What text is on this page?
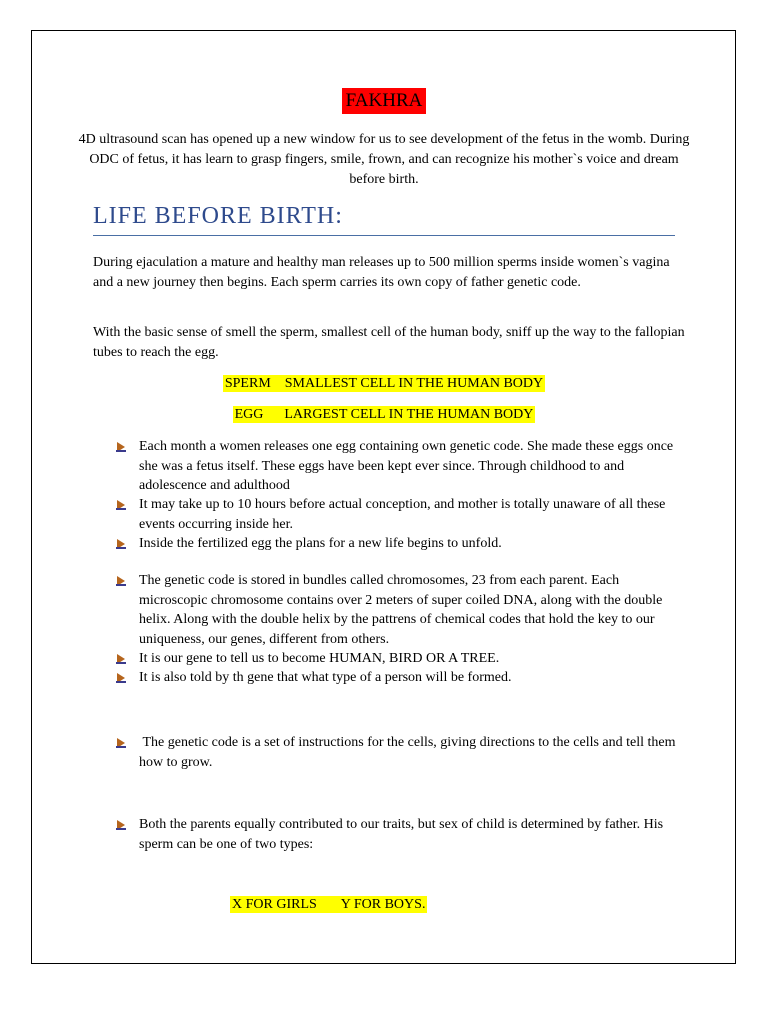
FAKHRA
4D ultrasound scan has opened up a new window for us to see development of the fetus in the womb. During ODC of fetus, it has learn to grasp fingers, smile, frown, and can recognize his mother`s voice and dream before birth.
LIFE BEFORE BIRTH:
During ejaculation a mature and healthy man releases up to 500 million sperms inside women`s vagina and a new journey then begins. Each sperm carries its own copy of father genetic code.
With the basic sense of smell the sperm, smallest cell of the human body, sniff up the way to the fallopian tubes to reach the egg.
SPERM    SMALLEST CELL IN THE HUMAN BODY
EGG      LARGEST CELL IN THE HUMAN BODY
Each month a women releases one egg containing own genetic code. She made these eggs once she was a fetus itself. These eggs have been kept ever since. Through childhood to and adolescence and adulthood
It may take up to 10 hours before actual conception, and mother is totally unaware of all these events occurring inside her.
Inside the fertilized egg the plans for a new life begins to unfold.
The genetic code is stored in bundles called chromosomes, 23 from each parent. Each microscopic chromosome contains over 2 meters of super coiled DNA, along with the double helix. Along with the double helix by the pattrens of chemical codes that hold the key to our uniqueness, our genes, different from others.
It is our gene to tell us to become HUMAN, BIRD OR A TREE.
It is also told by th gene that what type of a person will be formed.
The genetic code is a set of instructions for the cells, giving directions to the cells and tell them how to grow.
Both the parents equally contributed to our traits, but sex of child is determined by father. His sperm can be one of two types:
X FOR GIRLS       Y FOR BOYS.
